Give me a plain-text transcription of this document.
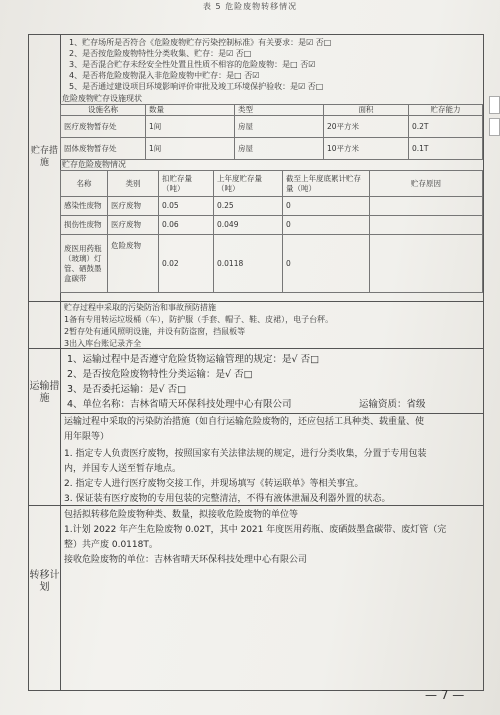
表 5 危险废物转移情况
贮存措施
运输措施
转移计划
1、贮存场所是否符合《危险废物贮存污染控制标准》有关要求：是☑ 否□
2、是否按危险废物特性分类收集、贮存：是☑ 否□
3、是否混合贮存未经安全性处置且性质不相容的危险废物：是□ 否☑
4、是否将危险废物混入非危险废物中贮存：是□ 否☑
5、是否通过建设项目环境影响评价审批及竣工环境保护验收：是☑ 否□
危险废物贮存设施现状
设施名称	数量	类型	面积	贮存能力
医疗废物暂存处	1间	房屋	20平方米	0.2T
固体废物暂存处	1间	房屋	10平方米	0.1T
贮存危险废物情况
名称	类别	扣贮存量（吨）	上年度贮存量（吨）	截至上年度底累计贮存量（吨）	贮存原因
感染性废物	医疗废物	0.05	0.25	0	
损伤性废物	医疗废物	0.06	0.049	0	
废医用药瓶（玻璃）灯管、硒鼓墨盒碳带	危险废物	0.02	0.0118	0	
贮存过程中采取的污染防治和事故预防措施
1备有专用转运垃圾桶（车），防护服（手套、帽子、鞋、皮裙），电子台秤。
2暂存处有通风照明设施，并设有防盗窗，挡鼠板等
3出入库台账记录齐全
1、运输过程中是否遵守危险货物运输管理的规定：是√ 否□
2、是否按危险废物特性分类运输：是√ 否□
3、是否委托运输：是√ 否□
4、单位名称：吉林省晴天环保科技处理中心有限公司	运输资质：省级
运输过程中采取的污染防治措施（如自行运输危险废物的，还应包括工具种类、载重量、使
用年限等）
1. 指定专人负责医疗废物，按照国家有关法律法规的规定，进行分类收集，分置于专用包装
内，并国专人送至暂存地点。
2. 指定专人进行医疗废物交接工作，并现场填写《转运联单》等相关事宜。
3. 保证装有医疗废物的专用包装的完整清洁，不得有液体泄漏及利器外置的状态。
包括拟转移危险废物种类、数量，拟接收危险废物的单位等
1.计划 2022 年产生危险废物 0.02T，其中 2021 年度医用药瓶、废硒鼓墨盒碳带、废灯管（完
整）共产废 0.0118T。
接收危险废物的单位：吉林省晴天环保科技处理中心有限公司
— 7 —
